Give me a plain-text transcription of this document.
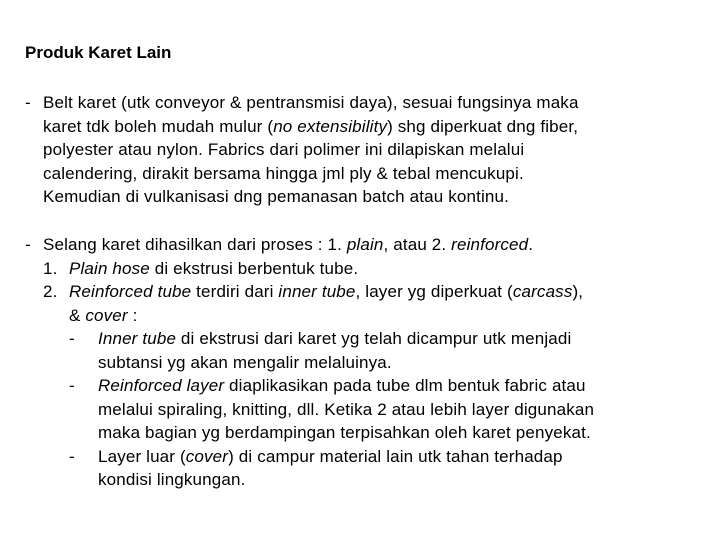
Produk Karet Lain
- Belt karet (utk conveyor & pentransmisi daya), sesuai fungsinya maka
karet tdk boleh mudah mulur (no extensibility) shg diperkuat dng fiber,
polyester atau nylon. Fabrics dari polimer ini dilapiskan melalui
calendering, dirakit bersama hingga jml ply & tebal mencukupi.
Kemudian di vulkanisasi dng pemanasan batch atau kontinu.
- Selang karet dihasilkan dari proses : 1. plain, atau 2. reinforced.
1. Plain hose di ekstrusi berbentuk tube.
2. Reinforced tube terdiri dari inner tube, layer yg diperkuat (carcass),
& cover :
- Inner tube di ekstrusi dari karet yg telah dicampur utk menjadi
subtansi yg akan mengalir melaluinya.
- Reinforced layer diaplikasikan pada tube dlm bentuk fabric atau
melalui spiraling, knitting, dll. Ketika 2 atau lebih layer digunakan
maka bagian yg berdampingan terpisahkan oleh karet penyekat.
- Layer luar (cover) di campur material lain utk tahan terhadap
kondisi lingkungan.
